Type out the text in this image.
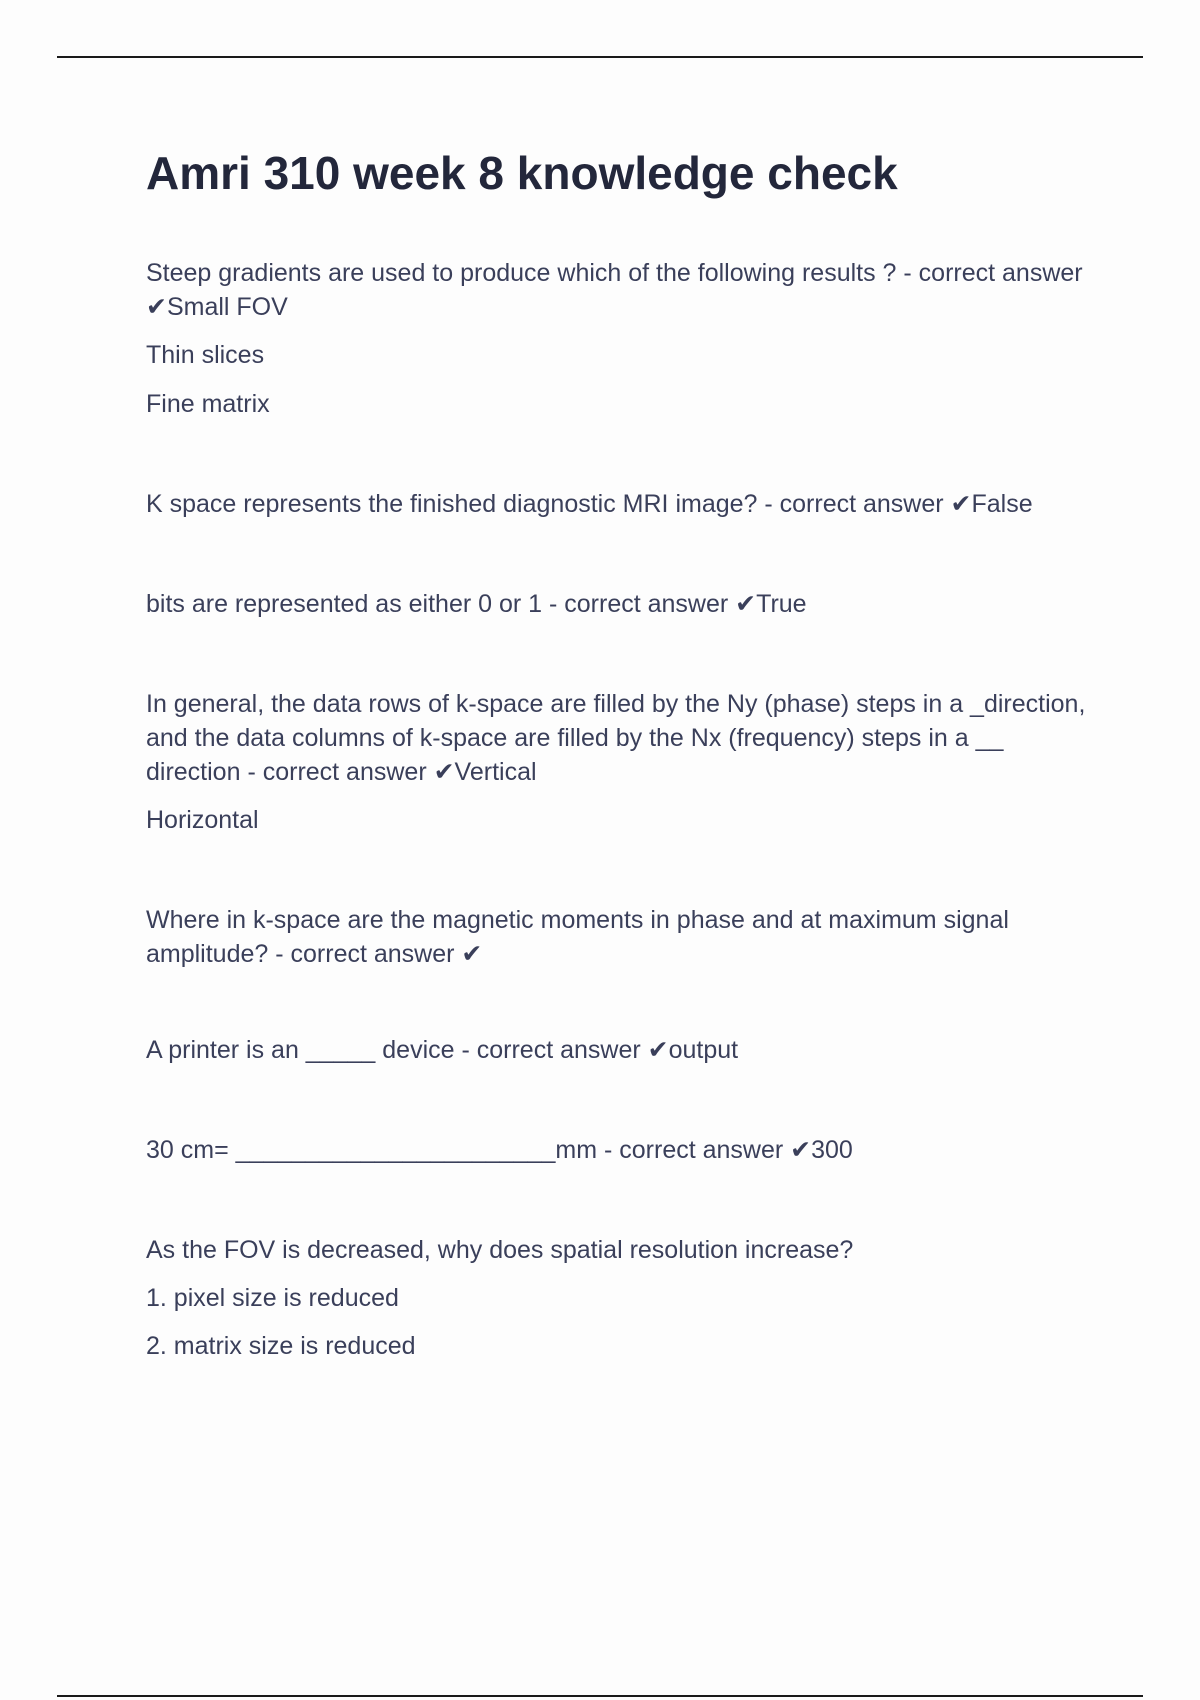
Amri 310 week 8 knowledge check

Steep gradients are used to produce which of the following results ? - correct answer ✔Small FOV

Thin slices

Fine matrix

K space represents the finished diagnostic MRI image? - correct answer ✔False

bits are represented as either 0 or 1 - correct answer ✔True

In general, the data rows of k-space are filled by the Ny (phase) steps in a _direction, and the data columns of k-space are filled by the Nx (frequency) steps in a __ direction - correct answer ✔Vertical

Horizontal

Where in k-space are the magnetic moments in phase and at maximum signal amplitude? - correct answer ✔

A printer is an _____ device - correct answer ✔output

30 cm= _______________________mm - correct answer ✔300

As the FOV is decreased, why does spatial resolution increase?

1. pixel size is reduced

2. matrix size is reduced
